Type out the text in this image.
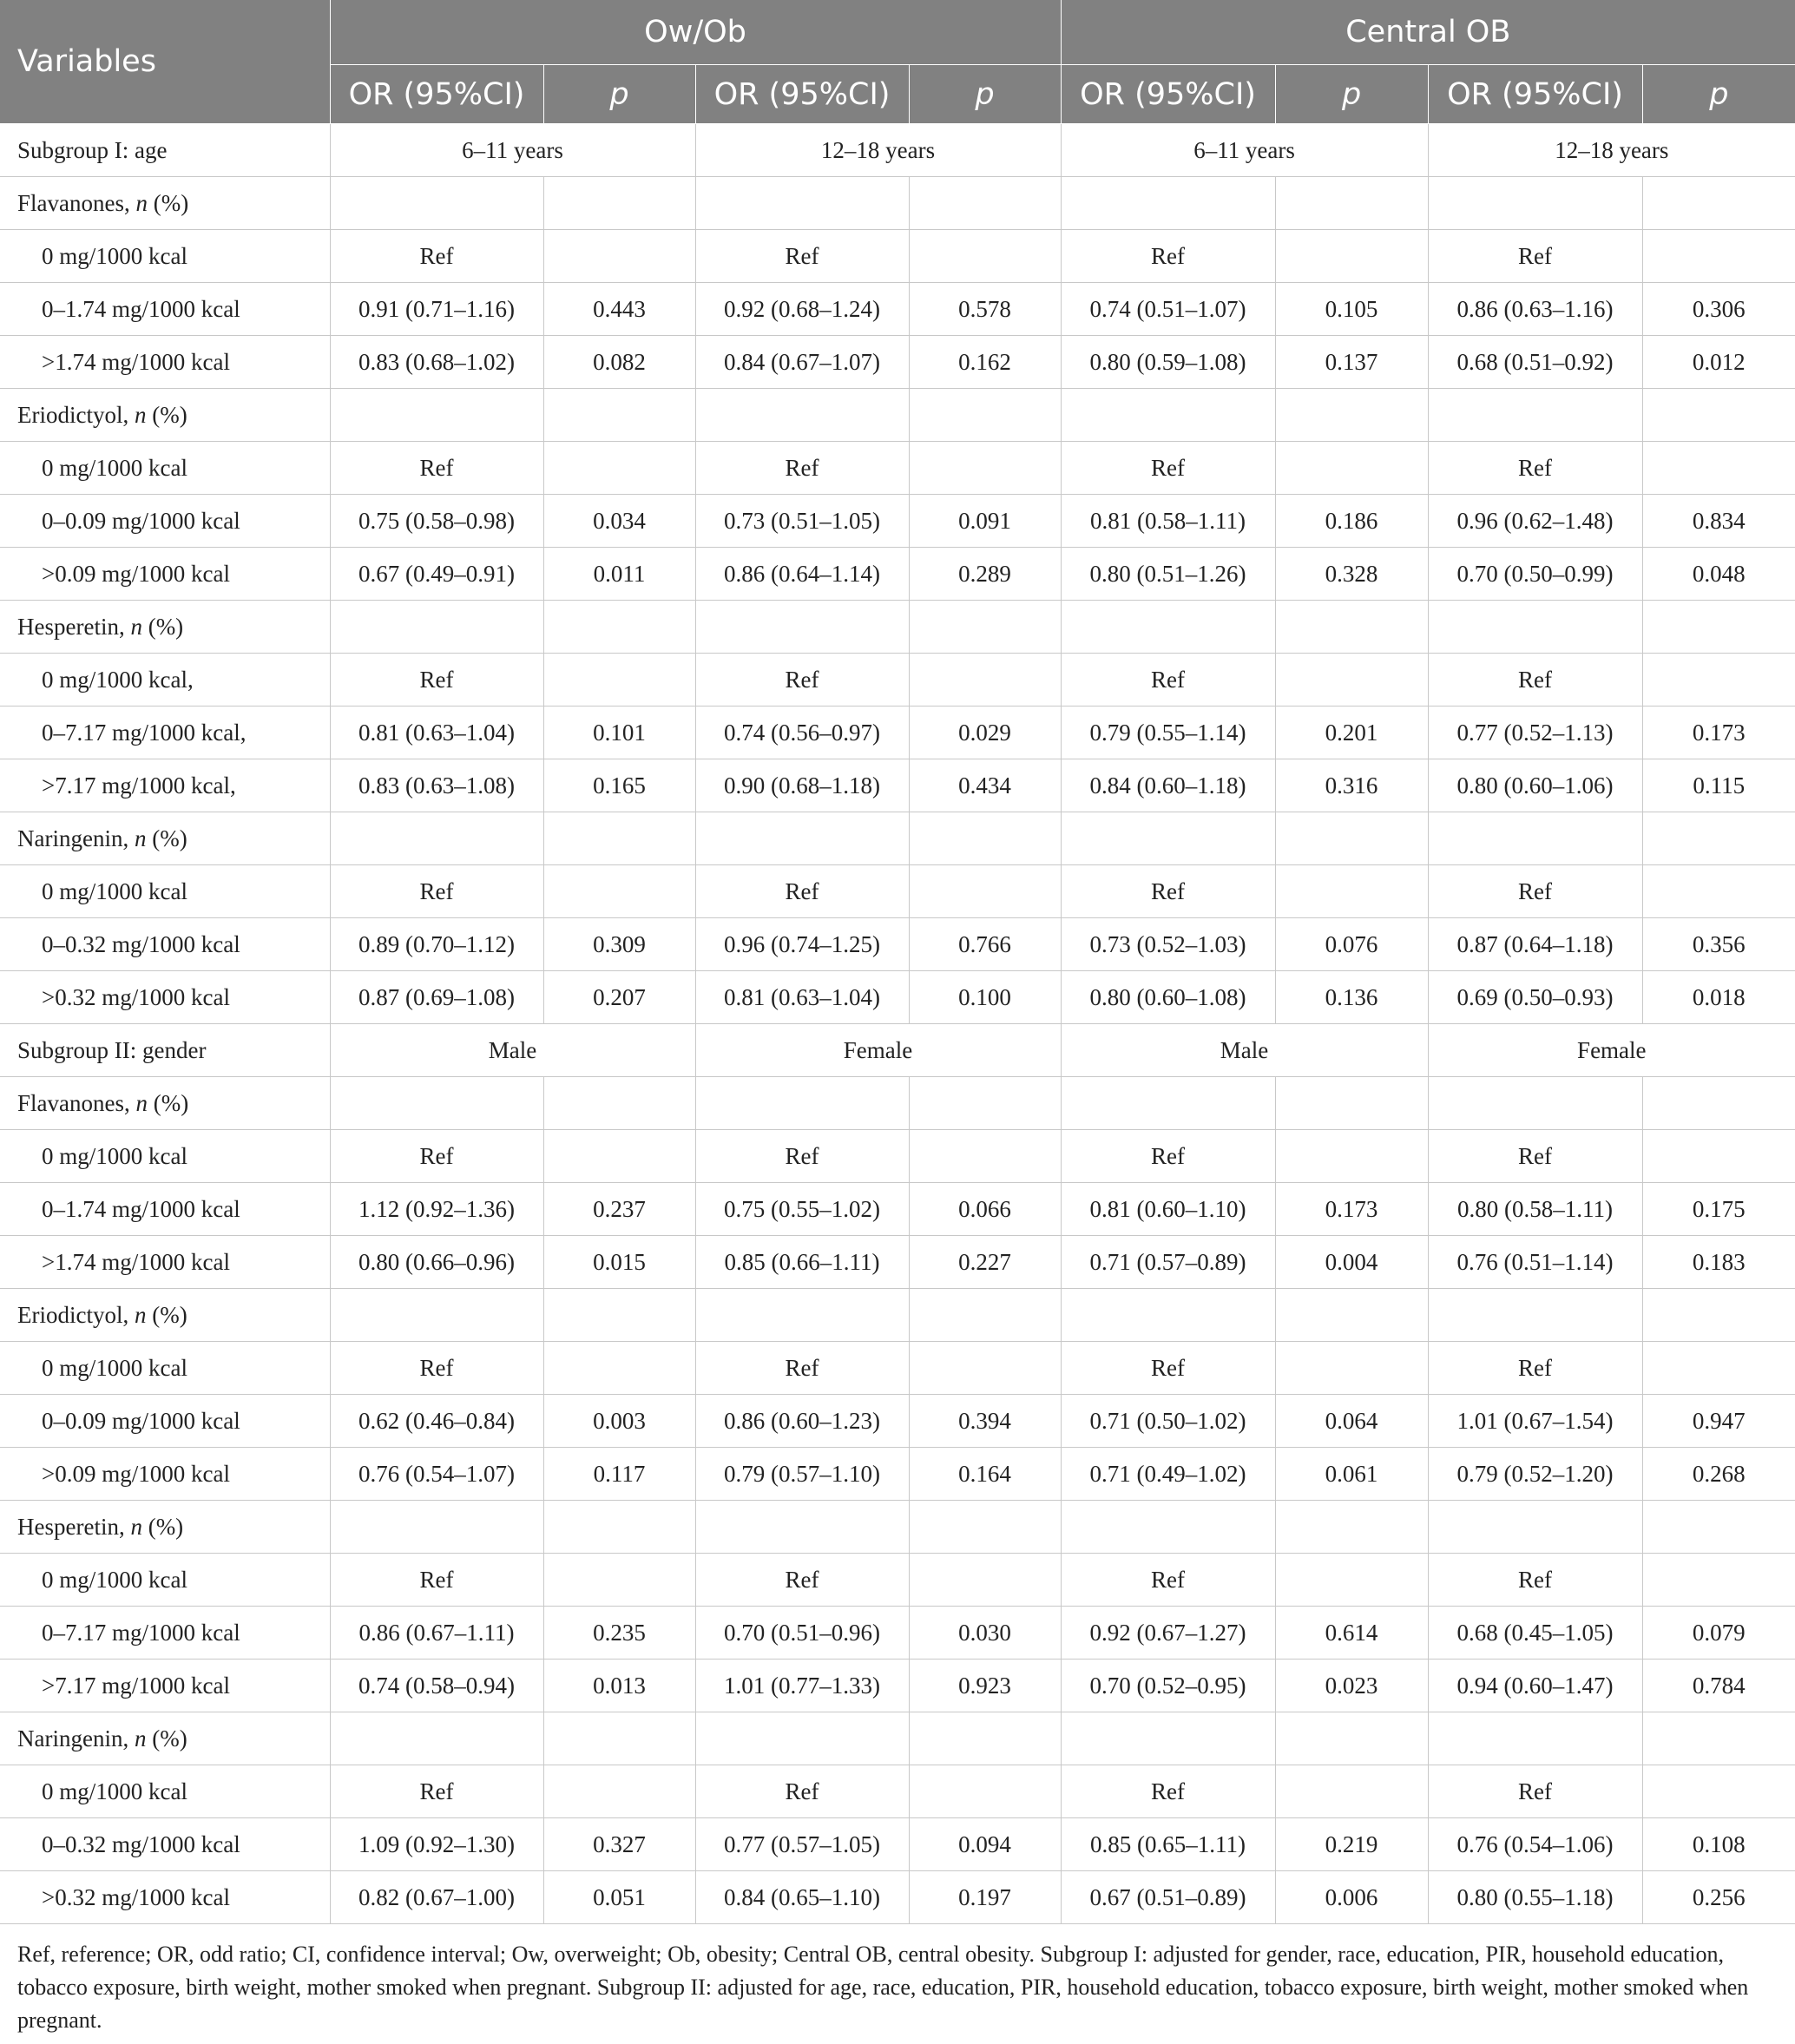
Variables	Ow/Ob				Central OB			
	OR (95%CI)	p	OR (95%CI)	p	OR (95%CI)	p	OR (95%CI)	p
Subgroup I: age	6–11 years		12–18 years		6–11 years		12–18 years	
Flavanones, n (%)								
0 mg/1000 kcal	Ref		Ref		Ref		Ref	
0–1.74 mg/1000 kcal	0.91 (0.71–1.16)	0.443	0.92 (0.68–1.24)	0.578	0.74 (0.51–1.07)	0.105	0.86 (0.63–1.16)	0.306
>1.74 mg/1000 kcal	0.83 (0.68–1.02)	0.082	0.84 (0.67–1.07)	0.162	0.80 (0.59–1.08)	0.137	0.68 (0.51–0.92)	0.012
Eriodictyol, n (%)								
0 mg/1000 kcal	Ref		Ref		Ref		Ref	
0–0.09 mg/1000 kcal	0.75 (0.58–0.98)	0.034	0.73 (0.51–1.05)	0.091	0.81 (0.58–1.11)	0.186	0.96 (0.62–1.48)	0.834
>0.09 mg/1000 kcal	0.67 (0.49–0.91)	0.011	0.86 (0.64–1.14)	0.289	0.80 (0.51–1.26)	0.328	0.70 (0.50–0.99)	0.048
Hesperetin, n (%)								
0 mg/1000 kcal,	Ref		Ref		Ref		Ref	
0–7.17 mg/1000 kcal,	0.81 (0.63–1.04)	0.101	0.74 (0.56–0.97)	0.029	0.79 (0.55–1.14)	0.201	0.77 (0.52–1.13)	0.173
>7.17 mg/1000 kcal,	0.83 (0.63–1.08)	0.165	0.90 (0.68–1.18)	0.434	0.84 (0.60–1.18)	0.316	0.80 (0.60–1.06)	0.115
Naringenin, n (%)								
0 mg/1000 kcal	Ref		Ref		Ref		Ref	
0–0.32 mg/1000 kcal	0.89 (0.70–1.12)	0.309	0.96 (0.74–1.25)	0.766	0.73 (0.52–1.03)	0.076	0.87 (0.64–1.18)	0.356
>0.32 mg/1000 kcal	0.87 (0.69–1.08)	0.207	0.81 (0.63–1.04)	0.100	0.80 (0.60–1.08)	0.136	0.69 (0.50–0.93)	0.018
Subgroup II: gender	Male		Female		Male		Female	
Flavanones, n (%)								
0 mg/1000 kcal	Ref		Ref		Ref		Ref	
0–1.74 mg/1000 kcal	1.12 (0.92–1.36)	0.237	0.75 (0.55–1.02)	0.066	0.81 (0.60–1.10)	0.173	0.80 (0.58–1.11)	0.175
>1.74 mg/1000 kcal	0.80 (0.66–0.96)	0.015	0.85 (0.66–1.11)	0.227	0.71 (0.57–0.89)	0.004	0.76 (0.51–1.14)	0.183
Eriodictyol, n (%)								
0 mg/1000 kcal	Ref		Ref		Ref		Ref	
0–0.09 mg/1000 kcal	0.62 (0.46–0.84)	0.003	0.86 (0.60–1.23)	0.394	0.71 (0.50–1.02)	0.064	1.01 (0.67–1.54)	0.947
>0.09 mg/1000 kcal	0.76 (0.54–1.07)	0.117	0.79 (0.57–1.10)	0.164	0.71 (0.49–1.02)	0.061	0.79 (0.52–1.20)	0.268
Hesperetin, n (%)								
0 mg/1000 kcal	Ref		Ref		Ref		Ref	
0–7.17 mg/1000 kcal	0.86 (0.67–1.11)	0.235	0.70 (0.51–0.96)	0.030	0.92 (0.67–1.27)	0.614	0.68 (0.45–1.05)	0.079
>7.17 mg/1000 kcal	0.74 (0.58–0.94)	0.013	1.01 (0.77–1.33)	0.923	0.70 (0.52–0.95)	0.023	0.94 (0.60–1.47)	0.784
Naringenin, n (%)								
0 mg/1000 kcal	Ref		Ref		Ref		Ref	
0–0.32 mg/1000 kcal	1.09 (0.92–1.30)	0.327	0.77 (0.57–1.05)	0.094	0.85 (0.65–1.11)	0.219	0.76 (0.54–1.06)	0.108
>0.32 mg/1000 kcal	0.82 (0.67–1.00)	0.051	0.84 (0.65–1.10)	0.197	0.67 (0.51–0.89)	0.006	0.80 (0.55–1.18)	0.256

Ref, reference; OR, odd ratio; CI, confidence interval; Ow, overweight; Ob, obesity; Central OB, central obesity. Subgroup I: adjusted for gender, race, education, PIR, household education, tobacco exposure, birth weight, mother smoked when pregnant. Subgroup II: adjusted for age, race, education, PIR, household education, tobacco exposure, birth weight, mother smoked when pregnant.
